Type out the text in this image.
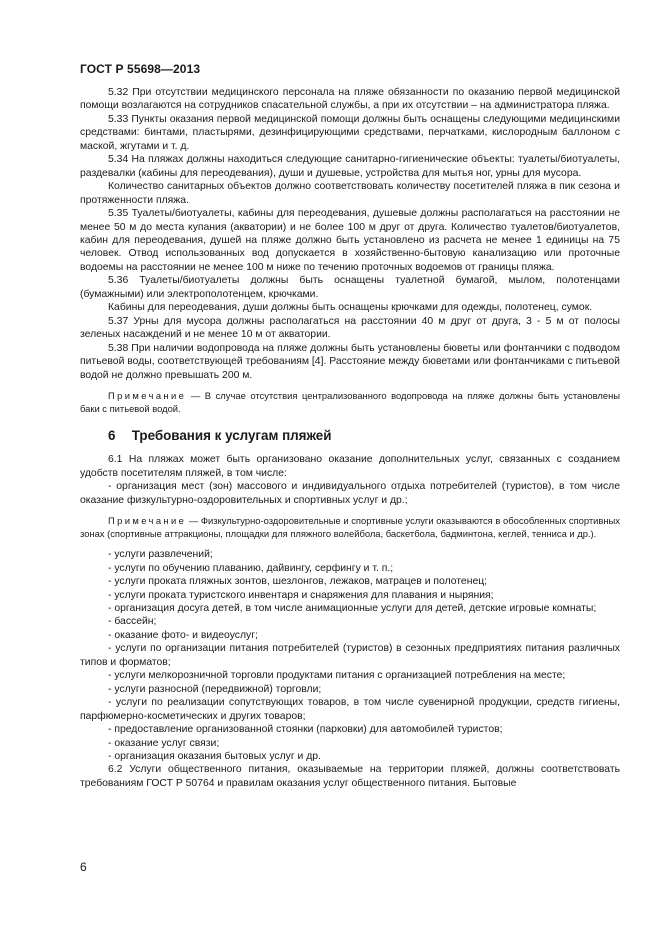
ГОСТ Р 55698—2013

5.32 При отсутствии медицинского персонала на пляже обязанности по оказанию первой медицинской помощи возлагаются на сотрудников спасательной службы, а при их отсутствии – на администратора пляжа.

5.33 Пункты оказания первой медицинской помощи должны быть оснащены следующими медицинскими средствами: бинтами, пластырями, дезинфицирующими средствами, перчатками, кислородным баллоном с маской, жгутами и т. д.

5.34 На пляжах должны находиться следующие санитарно-гигиенические объекты: туалеты/биотуалеты, раздевалки (кабины для переодевания), души и душевые, устройства для мытья ног, урны для мусора.

Количество санитарных объектов должно соответствовать количеству посетителей пляжа в пик сезона и протяженности пляжа.

5.35 Туалеты/биотуалеты, кабины для переодевания, душевые должны располагаться на расстоянии не менее 50 м до места купания (акватории) и не более 100 м друг от друга. Количество туалетов/биотуалетов, кабин для переодевания, душей на пляже должно быть установлено из расчета не менее 1 единицы на 75 человек. Отвод использованных вод допускается в хозяйственно-бытовую канализацию или проточные водоемы на расстоянии не менее 100 м ниже по течению проточных водоемов от границы пляжа.

5.36 Туалеты/биотуалеты должны быть оснащены туалетной бумагой, мылом, полотенцами (бумажными) или электрополотенцем, крючками.

Кабины для переодевания, души должны быть оснащены крючками для одежды, полотенец, сумок.

5.37 Урны для мусора должны располагаться на расстоянии 40 м друг от друга, 3 - 5 м от полосы зеленых насаждений и не менее 10 м от акватории.

5.38 При наличии водопровода на пляже должны быть установлены бюветы или фонтанчики с подводом питьевой воды, соответствующей требованиям [4]. Расстояние между бюветами или фонтанчиками с питьевой водой не должно превышать 200 м.

Примечание — В случае отсутствия централизованного водопровода на пляже должны быть установлены баки с питьевой водой.

6 Требования к услугам пляжей

6.1 На пляжах может быть организовано оказание дополнительных услуг, связанных с созданием удобств посетителям пляжей, в том числе:

- организация мест (зон) массового и индивидуального отдыха потребителей (туристов), в том числе оказание физкультурно-оздоровительных и спортивных услуг и др.;

Примечание — Физкультурно-оздоровительные и спортивные услуги оказываются в обособленных спортивных зонах (спортивные аттракционы, площадки для пляжного волейбола, баскетбола, бадминтона, кеглей, тенниса и др.).

- услуги развлечений;

- услуги по обучению плаванию, дайвингу, серфингу и т. п.;

- услуги проката пляжных зонтов, шезлонгов, лежаков, матрацев и полотенец;

- услуги проката туристского инвентаря и снаряжения для плавания и ныряния;

- организация досуга детей, в том числе анимационные услуги для детей, детские игровые комнаты;

- бассейн;

- оказание фото- и видеоуслуг;

- услуги по организации питания потребителей (туристов) в сезонных предприятиях питания различных типов и форматов;

- услуги мелкорозничной торговли продуктами питания с организацией потребления на месте;

- услуги разносной (передвижной) торговли;

- услуги по реализации сопутствующих товаров, в том числе сувенирной продукции, средств гигиены, парфюмерно-косметических и других товаров;

- предоставление организованной стоянки (парковки) для автомобилей туристов;

- оказание услуг связи;

- организация оказания бытовых услуг и др.

6.2 Услуги общественного питания, оказываемые на территории пляжей, должны соответствовать требованиям ГОСТ Р 50764 и правилам оказания услуг общественного питания. Бытовые

6
